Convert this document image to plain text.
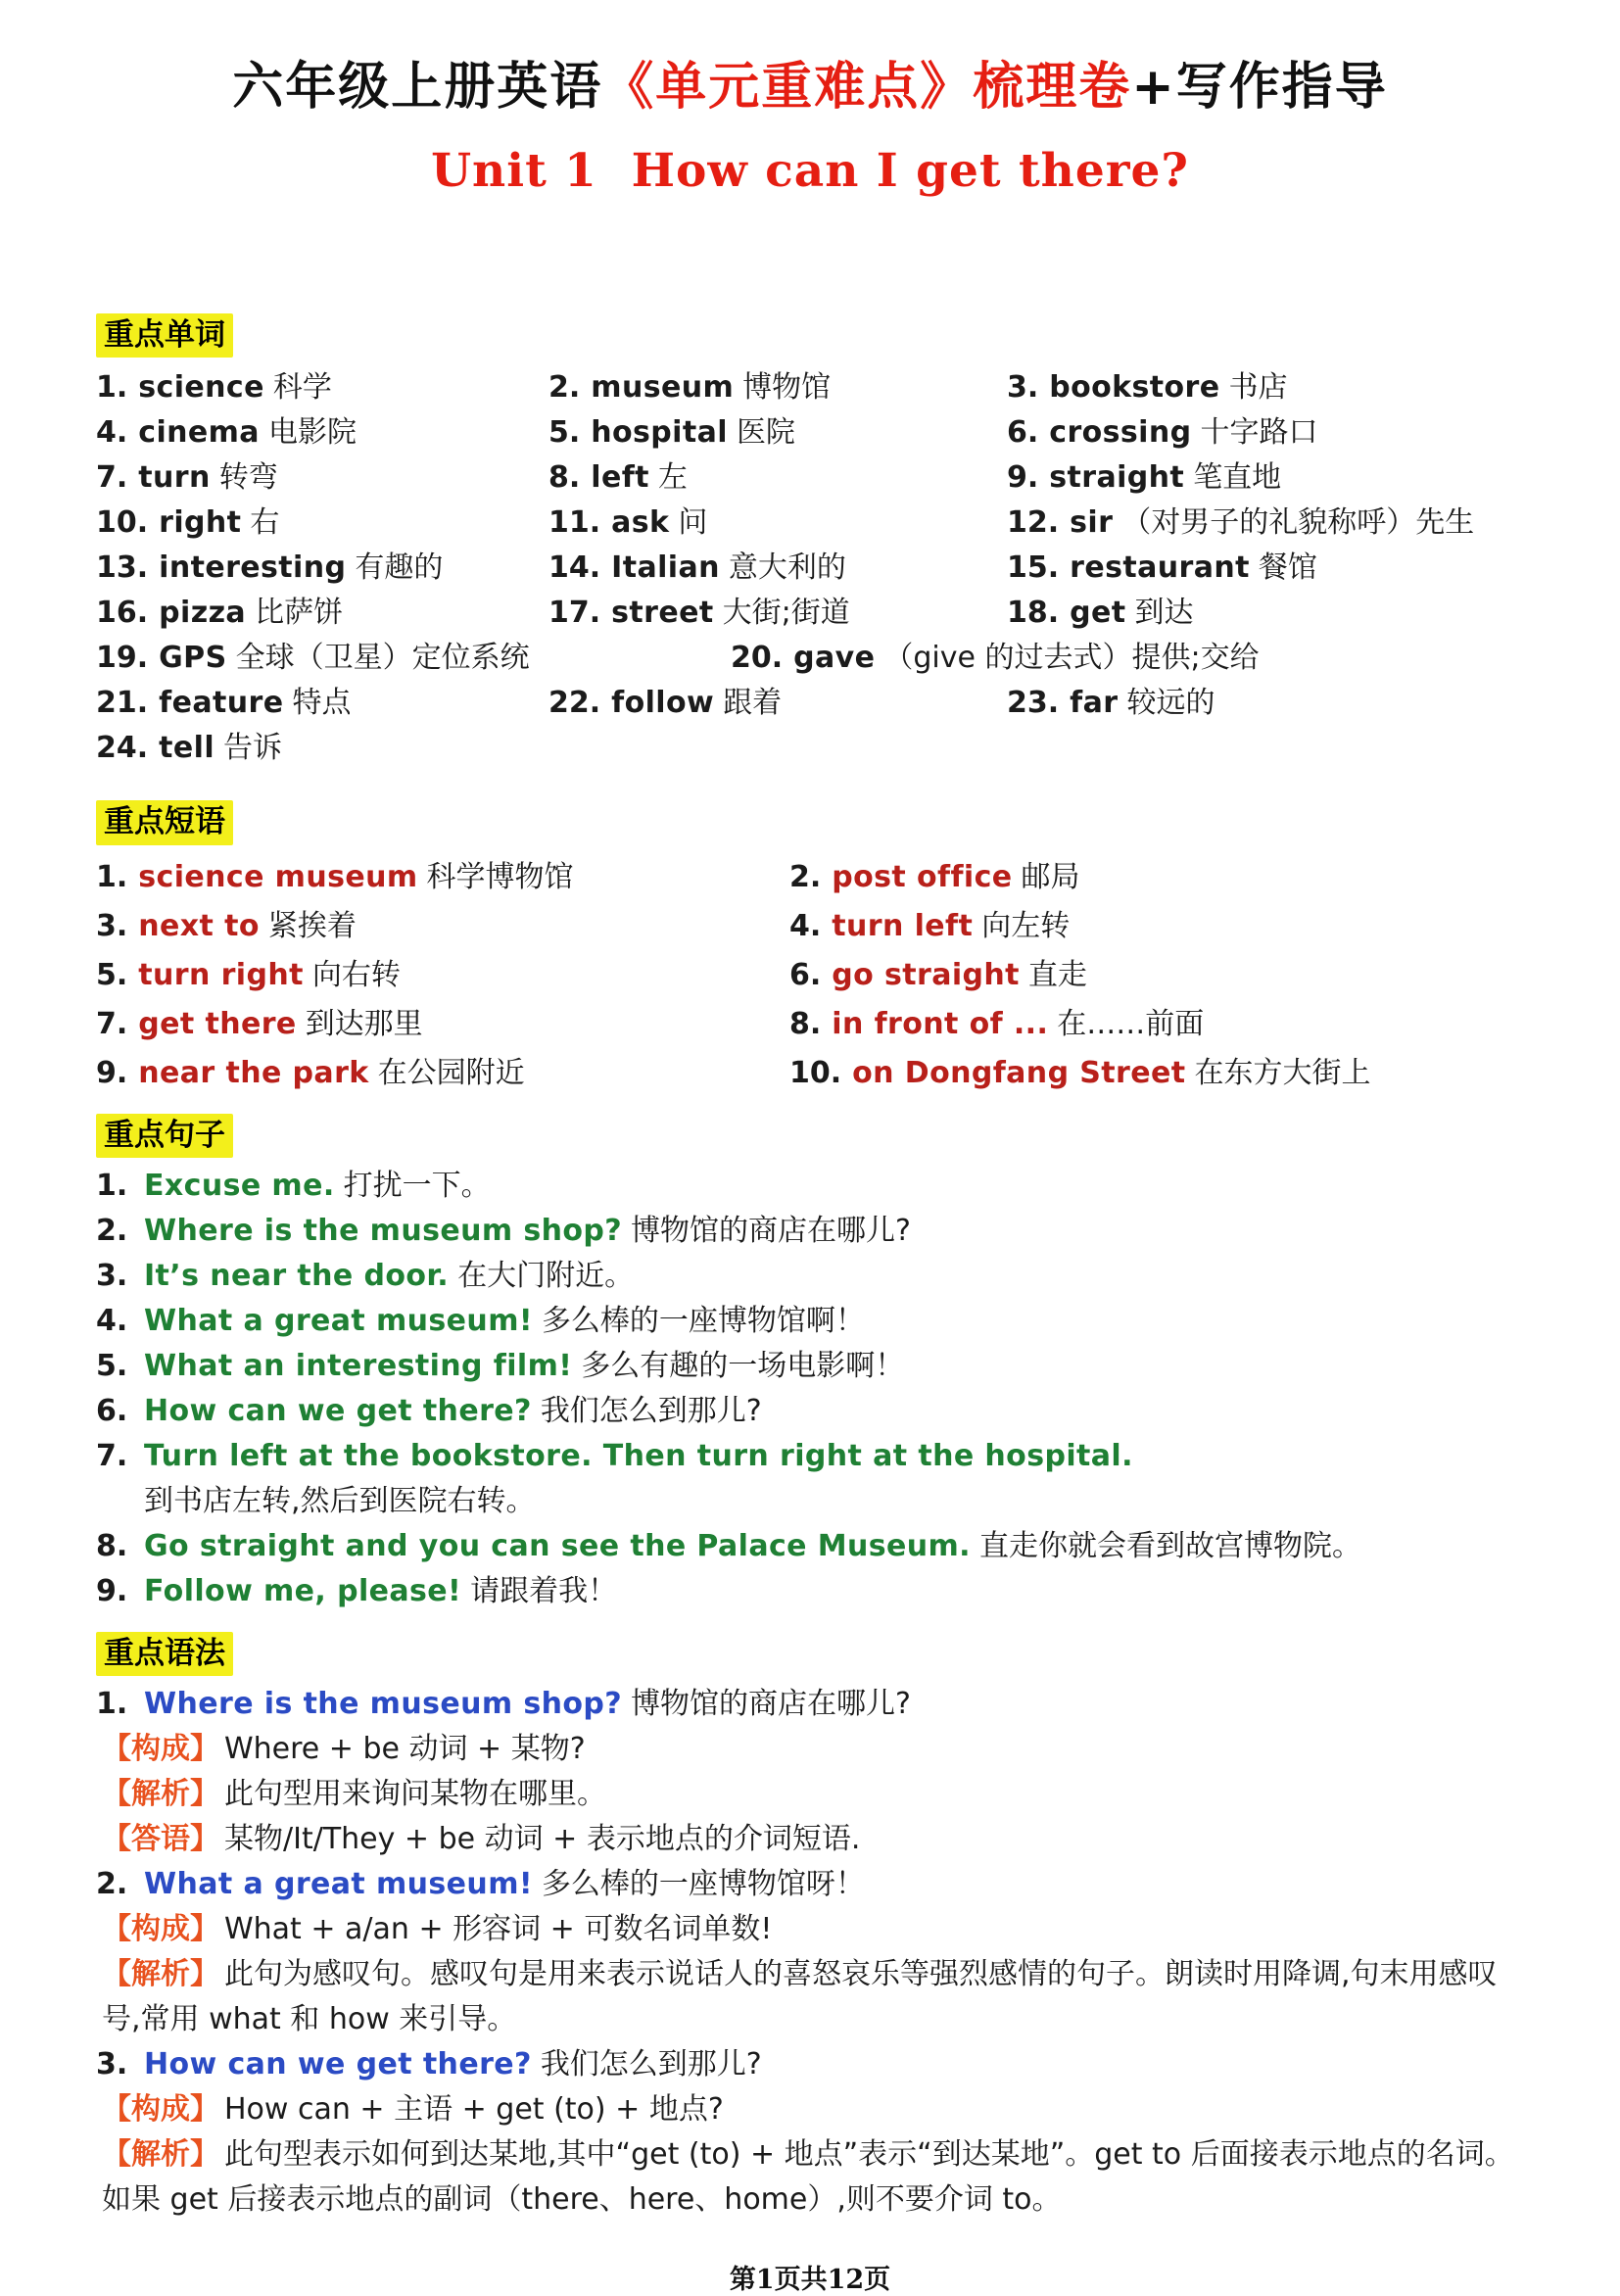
六年级上册英语《单元重难点》梳理卷+写作指导
Unit 1  How can I get there?
重点单词
1. science 科学	2. museum 博物馆	3. bookstore 书店
4. cinema 电影院	5. hospital 医院	6. crossing 十字路口
7. turn 转弯	8. left 左	9. straight 笔直地
10. right 右	11. ask 问	12. sir （对男子的礼貌称呼）先生
13. interesting 有趣的	14. Italian 意大利的	15. restaurant 餐馆
16. pizza 比萨饼	17. street 大街;街道	18. get 到达
19. GPS 全球（卫星）定位系统	20. gave （give 的过去式）提供;交给
21. feature 特点	22. follow 跟着	23. far 较远的
24. tell 告诉
重点短语
1. science museum 科学博物馆	2. post office 邮局
3. next to 紧挨着	4. turn left 向左转
5. turn right 向右转	6. go straight 直走
7. get there 到达那里	8. in front of ... 在……前面
9. near the park 在公园附近	10. on Dongfang Street 在东方大街上
重点句子
1. Excuse me. 打扰一下。
2. Where is the museum shop? 博物馆的商店在哪儿?
3. It’s near the door. 在大门附近。
4. What a great museum! 多么棒的一座博物馆啊！
5. What an interesting film! 多么有趣的一场电影啊！
6. How can we get there? 我们怎么到那儿?
7. Turn left at the bookstore. Then turn right at the hospital.
到书店左转,然后到医院右转。
8. Go straight and you can see the Palace Museum. 直走你就会看到故宫博物院。
9. Follow me, please! 请跟着我！
重点语法
1. Where is the museum shop? 博物馆的商店在哪儿?
【构成】 Where + be 动词 + 某物?
【解析】 此句型用来询问某物在哪里。
【答语】 某物/It/They + be 动词 + 表示地点的介词短语.
2. What a great museum! 多么棒的一座博物馆呀！
【构成】 What + a/an + 形容词 + 可数名词单数!
【解析】 此句为感叹句。感叹句是用来表示说话人的喜怒哀乐等强烈感情的句子。朗读时用降调,句末用感叹号,常用 what 和 how 来引导。
3. How can we get there? 我们怎么到那儿?
【构成】 How can + 主语 + get (to) + 地点?
【解析】 此句型表示如何到达某地,其中“get (to) + 地点”表示“到达某地”。get to 后面接表示地点的名词。如果 get 后接表示地点的副词（there、here、home）,则不要介词 to。
第1页共12页
